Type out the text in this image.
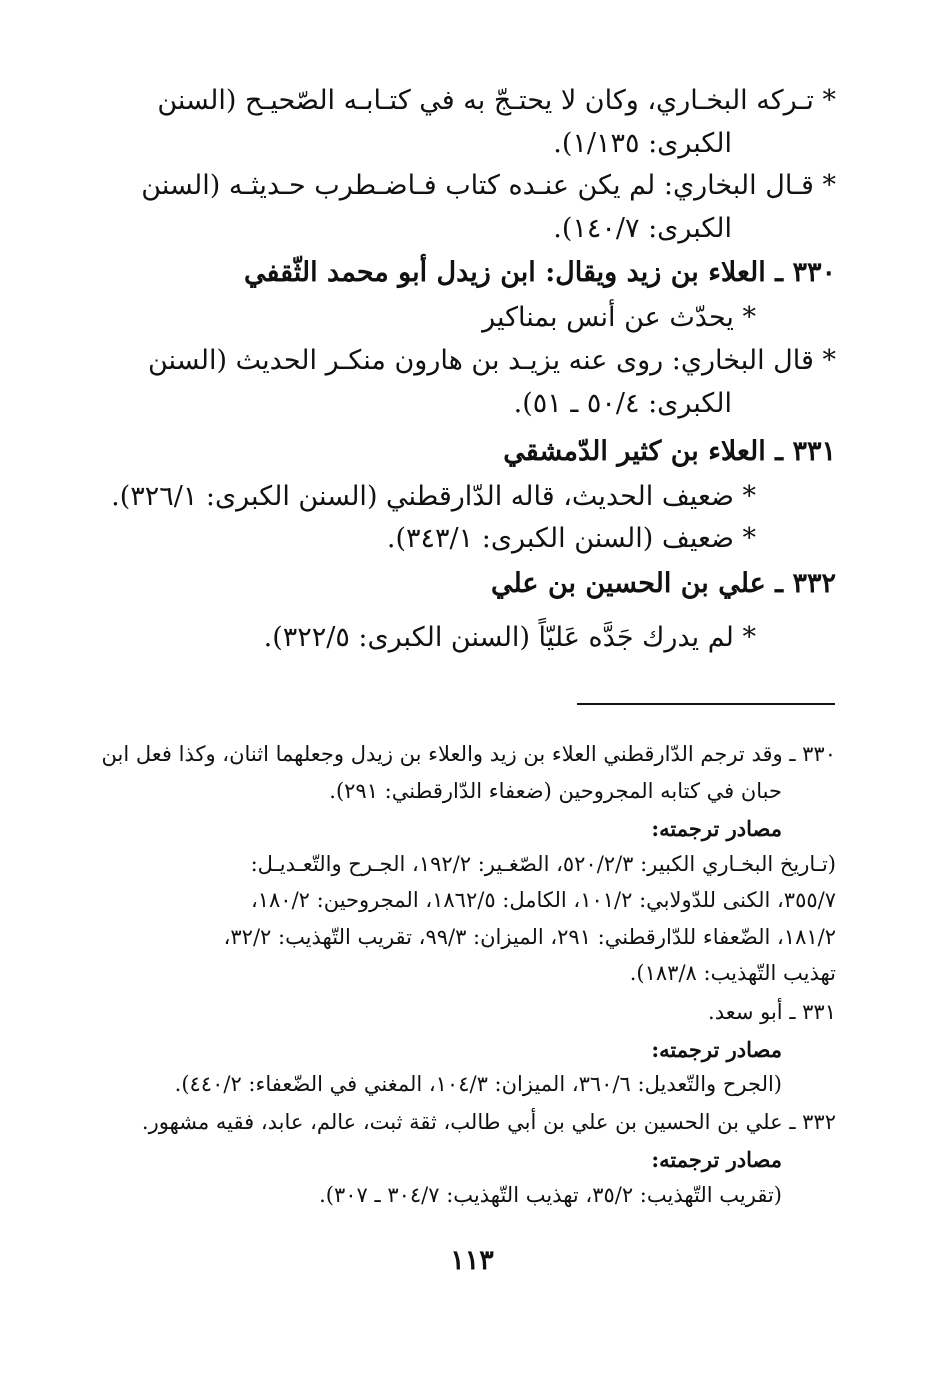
* تـركه البخـاري، وكان لا يحتـجّ به في كتـابـه الصّحيـح (السنن
الكبرى: ١/١٣٥).
* قـال البخاري: لم يكن عنـده كتاب فـاضـطرب حـديثـه (السنن
الكبرى: ١٤٠/٧).
٣٣٠ ـ العلاء بن زيد ويقال: ابن زيدل أبو محمد الثّقفي
* يحدّث عن أنس بمناكير
* قال البخاري: روى عنه يزيـد بن هارون منكـر الحديث (السنن
الكبرى: ٥٠/٤ ـ ٥١).
٣٣١ ـ العلاء بن كثير الدّمشقي
* ضعيف الحديث، قاله الدّارقطني (السنن الكبرى: ٣٢٦/١).
* ضعيف (السنن الكبرى: ٣٤٣/١).
٣٣٢ ـ علي بن الحسين بن علي
* لم يدرك جَدَّه عَليّاً (السنن الكبرى: ٣٢٢/٥).
٣٣٠ ـ وقد ترجم الدّارقطني العلاء بن زيد والعلاء بن زيدل وجعلهما اثنان، وكذا فعل ابن
حبان في كتابه المجروحين (ضعفاء الدّارقطني: ٢٩١).
مصادر ترجمته:
(تـاريخ البخـاري الكبير: ٥٢٠/٢/٣، الصّغـير: ١٩٢/٢، الجـرح والتّعـديـل:
٣٥٥/٧، الكنى للدّولابي: ١٠١/٢، الكامل: ١٨٦٢/٥، المجروحين: ١٨٠/٢،
١٨١/٢، الضّعفاء للدّارقطني: ٢٩١، الميزان: ٩٩/٣، تقريب التّهذيب: ٣٢/٢،
تهذيب التّهذيب: ١٨٣/٨).
٣٣١ ـ أبو سعد.
مصادر ترجمته:
(الجرح والتّعديل: ٣٦٠/٦، الميزان: ١٠٤/٣، المغني في الضّعفاء: ٤٤٠/٢).
٣٣٢ ـ علي بن الحسين بن علي بن أبي طالب، ثقة ثبت، عالم، عابد، فقيه مشهور.
مصادر ترجمته:
(تقريب التّهذيب: ٣٥/٢، تهذيب التّهذيب: ٣٠٤/٧ ـ ٣٠٧).
١١٣
